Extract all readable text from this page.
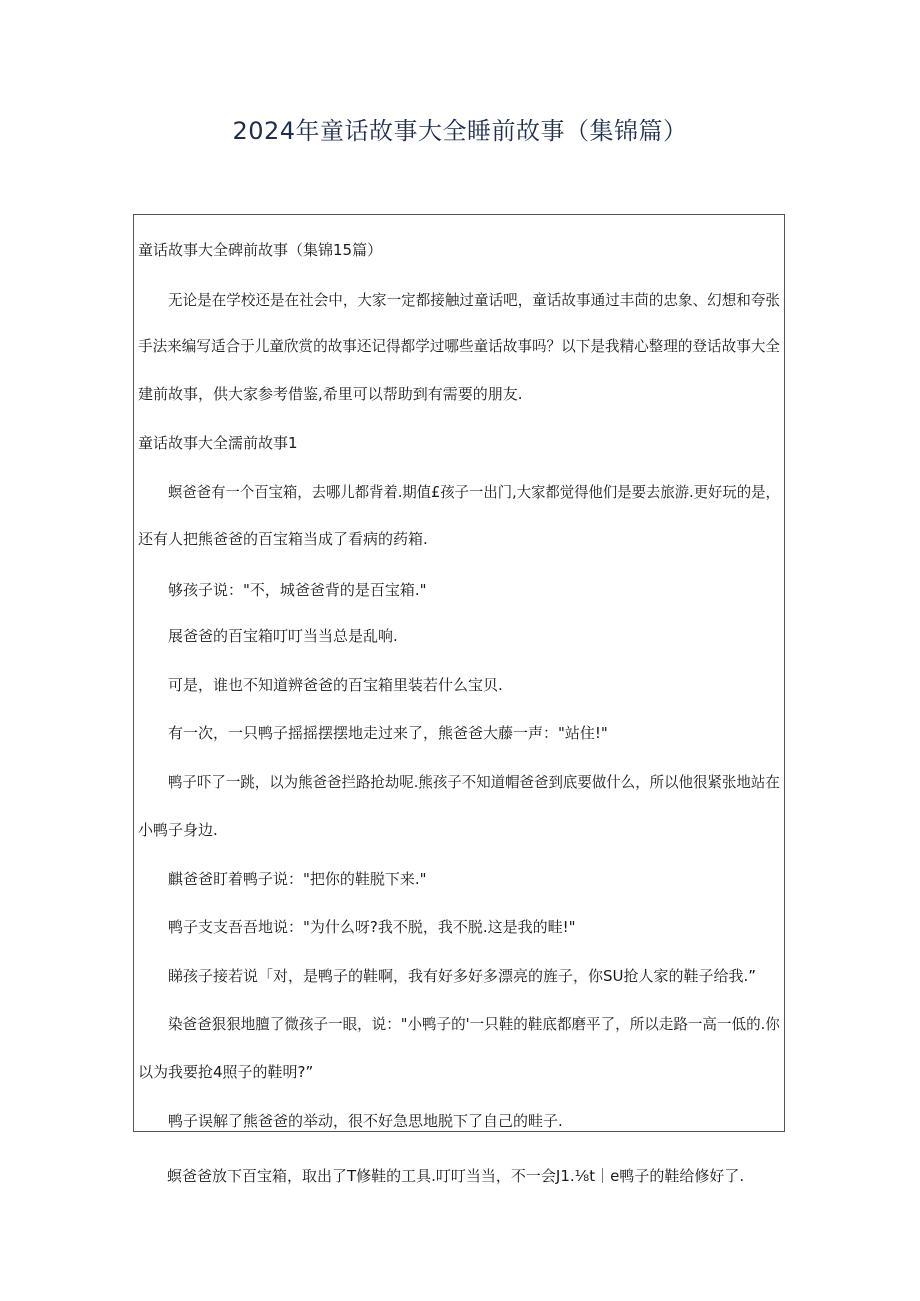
2024年童话故事大全睡前故事（集锦篇）
童话故事大全碑前故事（集锦15篇）
无论是在学校还是在社会中，大家一定都接触过童话吧，童话故事通过丰茴的忠象、幻想和夸张
手法来编写适合于儿童欣赏的故事还记得都学过哪些童话故事吗？以下是我精心整理的登话故事大全
建前故事，供大家参考借鉴,希里可以帮助到有需要的朋友.
童话故事大全濡前故事1
螟爸爸有一个百宝箱，去哪儿都背着.期值£孩子一出门,大家都觉得他们是要去旅游.更好玩的是，
还有人把熊爸爸的百宝箱当成了看病的药箱.
够孩子说："不，城爸爸背的是百宝箱."
展爸爸的百宝箱叮叮当当总是乱响.
可是，谁也不知道辨爸爸的百宝箱里装若什么宝贝.
有一次，一只鸭子摇摇摆摆地走过来了，熊爸爸大藤一声："站住!"
鸭子吓了一跳，以为熊爸爸拦路抢劫呢.熊孩子不知道帽爸爸到底要做什么，所以他很紧张地站在
小鸭子身边.
麒爸爸盯着鸭子说："把你的鞋脱下来."
鸭子支支吾吾地说："为什么呀?我不脱，我不脱.这是我的畦!"
睇孩子接若说「对，是鸭子的鞋啊，我有好多好多漂亮的旌子，你SU抢人家的鞋子给我.”
染爸爸狠狠地膻了微孩子一眼，说："小鸭子的'一只鞋的鞋底都磨平了，所以走路一高一低的.你
以为我要抢4照子的鞋明?”
鸭子误解了熊爸爸的举动，很不好急思地脱下了自己的畦子.
螟爸爸放下百宝箱，取出了T修鞋的工具.叮叮当当，不一会J1.⅛t｜e鸭子的鞋给修好了.
